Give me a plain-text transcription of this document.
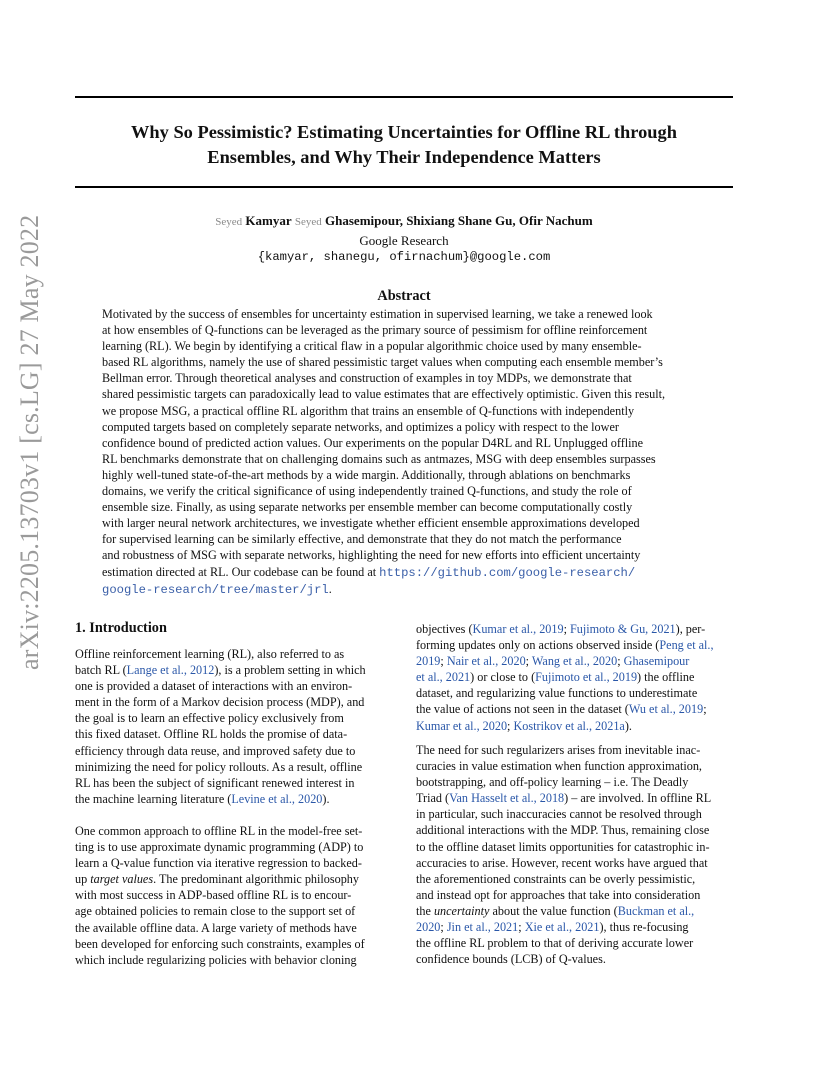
arXiv:2205.13703v1 [cs.LG] 27 May 2022
Why So Pessimistic? Estimating Uncertainties for Offline RL through
Ensembles, and Why Their Independence Matters
Seyed Kamyar Seyed Ghasemipour, Shixiang Shane Gu, Ofir Nachum
Google Research
{kamyar, shanegu, ofirnachum}@google.com
Abstract
Motivated by the success of ensembles for uncertainty estimation in supervised learning, we take a renewed look
at how ensembles of Q-functions can be leveraged as the primary source of pessimism for offline reinforcement
learning (RL). We begin by identifying a critical flaw in a popular algorithmic choice used by many ensemble-
based RL algorithms, namely the use of shared pessimistic target values when computing each ensemble member’s
Bellman error. Through theoretical analyses and construction of examples in toy MDPs, we demonstrate that
shared pessimistic targets can paradoxically lead to value estimates that are effectively optimistic. Given this result,
we propose MSG, a practical offline RL algorithm that trains an ensemble of Q-functions with independently
computed targets based on completely separate networks, and optimizes a policy with respect to the lower
confidence bound of predicted action values. Our experiments on the popular D4RL and RL Unplugged offline
RL benchmarks demonstrate that on challenging domains such as antmazes, MSG with deep ensembles surpasses
highly well-tuned state-of-the-art methods by a wide margin. Additionally, through ablations on benchmarks
domains, we verify the critical significance of using independently trained Q-functions, and study the role of
ensemble size. Finally, as using separate networks per ensemble member can become computationally costly
with larger neural network architectures, we investigate whether efficient ensemble approximations developed
for supervised learning can be similarly effective, and demonstrate that they do not match the performance
and robustness of MSG with separate networks, highlighting the need for new efforts into efficient uncertainty
estimation directed at RL. Our codebase can be found at https://github.com/google-research/
google-research/tree/master/jrl.
1. Introduction
Offline reinforcement learning (RL), also referred to as
batch RL (Lange et al., 2012), is a problem setting in which
one is provided a dataset of interactions with an environ-
ment in the form of a Markov decision process (MDP), and
the goal is to learn an effective policy exclusively from
this fixed dataset. Offline RL holds the promise of data-
efficiency through data reuse, and improved safety due to
minimizing the need for policy rollouts. As a result, offline
RL has been the subject of significant renewed interest in
the machine learning literature (Levine et al., 2020).
One common approach to offline RL in the model-free set-
ting is to use approximate dynamic programming (ADP) to
learn a Q-value function via iterative regression to backed-
up target values. The predominant algorithmic philosophy
with most success in ADP-based offline RL is to encour-
age obtained policies to remain close to the support set of
the available offline data. A large variety of methods have
been developed for enforcing such constraints, examples of
which include regularizing policies with behavior cloning
objectives (Kumar et al., 2019; Fujimoto & Gu, 2021), per-
forming updates only on actions observed inside (Peng et al.,
2019; Nair et al., 2020; Wang et al., 2020; Ghasemipour
et al., 2021) or close to (Fujimoto et al., 2019) the offline
dataset, and regularizing value functions to underestimate
the value of actions not seen in the dataset (Wu et al., 2019;
Kumar et al., 2020; Kostrikov et al., 2021a).
The need for such regularizers arises from inevitable inac-
curacies in value estimation when function approximation,
bootstrapping, and off-policy learning – i.e. The Deadly
Triad (Van Hasselt et al., 2018) – are involved. In offline RL
in particular, such inaccuracies cannot be resolved through
additional interactions with the MDP. Thus, remaining close
to the offline dataset limits opportunities for catastrophic in-
accuracies to arise. However, recent works have argued that
the aforementioned constraints can be overly pessimistic,
and instead opt for approaches that take into consideration
the uncertainty about the value function (Buckman et al.,
2020; Jin et al., 2021; Xie et al., 2021), thus re-focusing
the offline RL problem to that of deriving accurate lower
confidence bounds (LCB) of Q-values.
